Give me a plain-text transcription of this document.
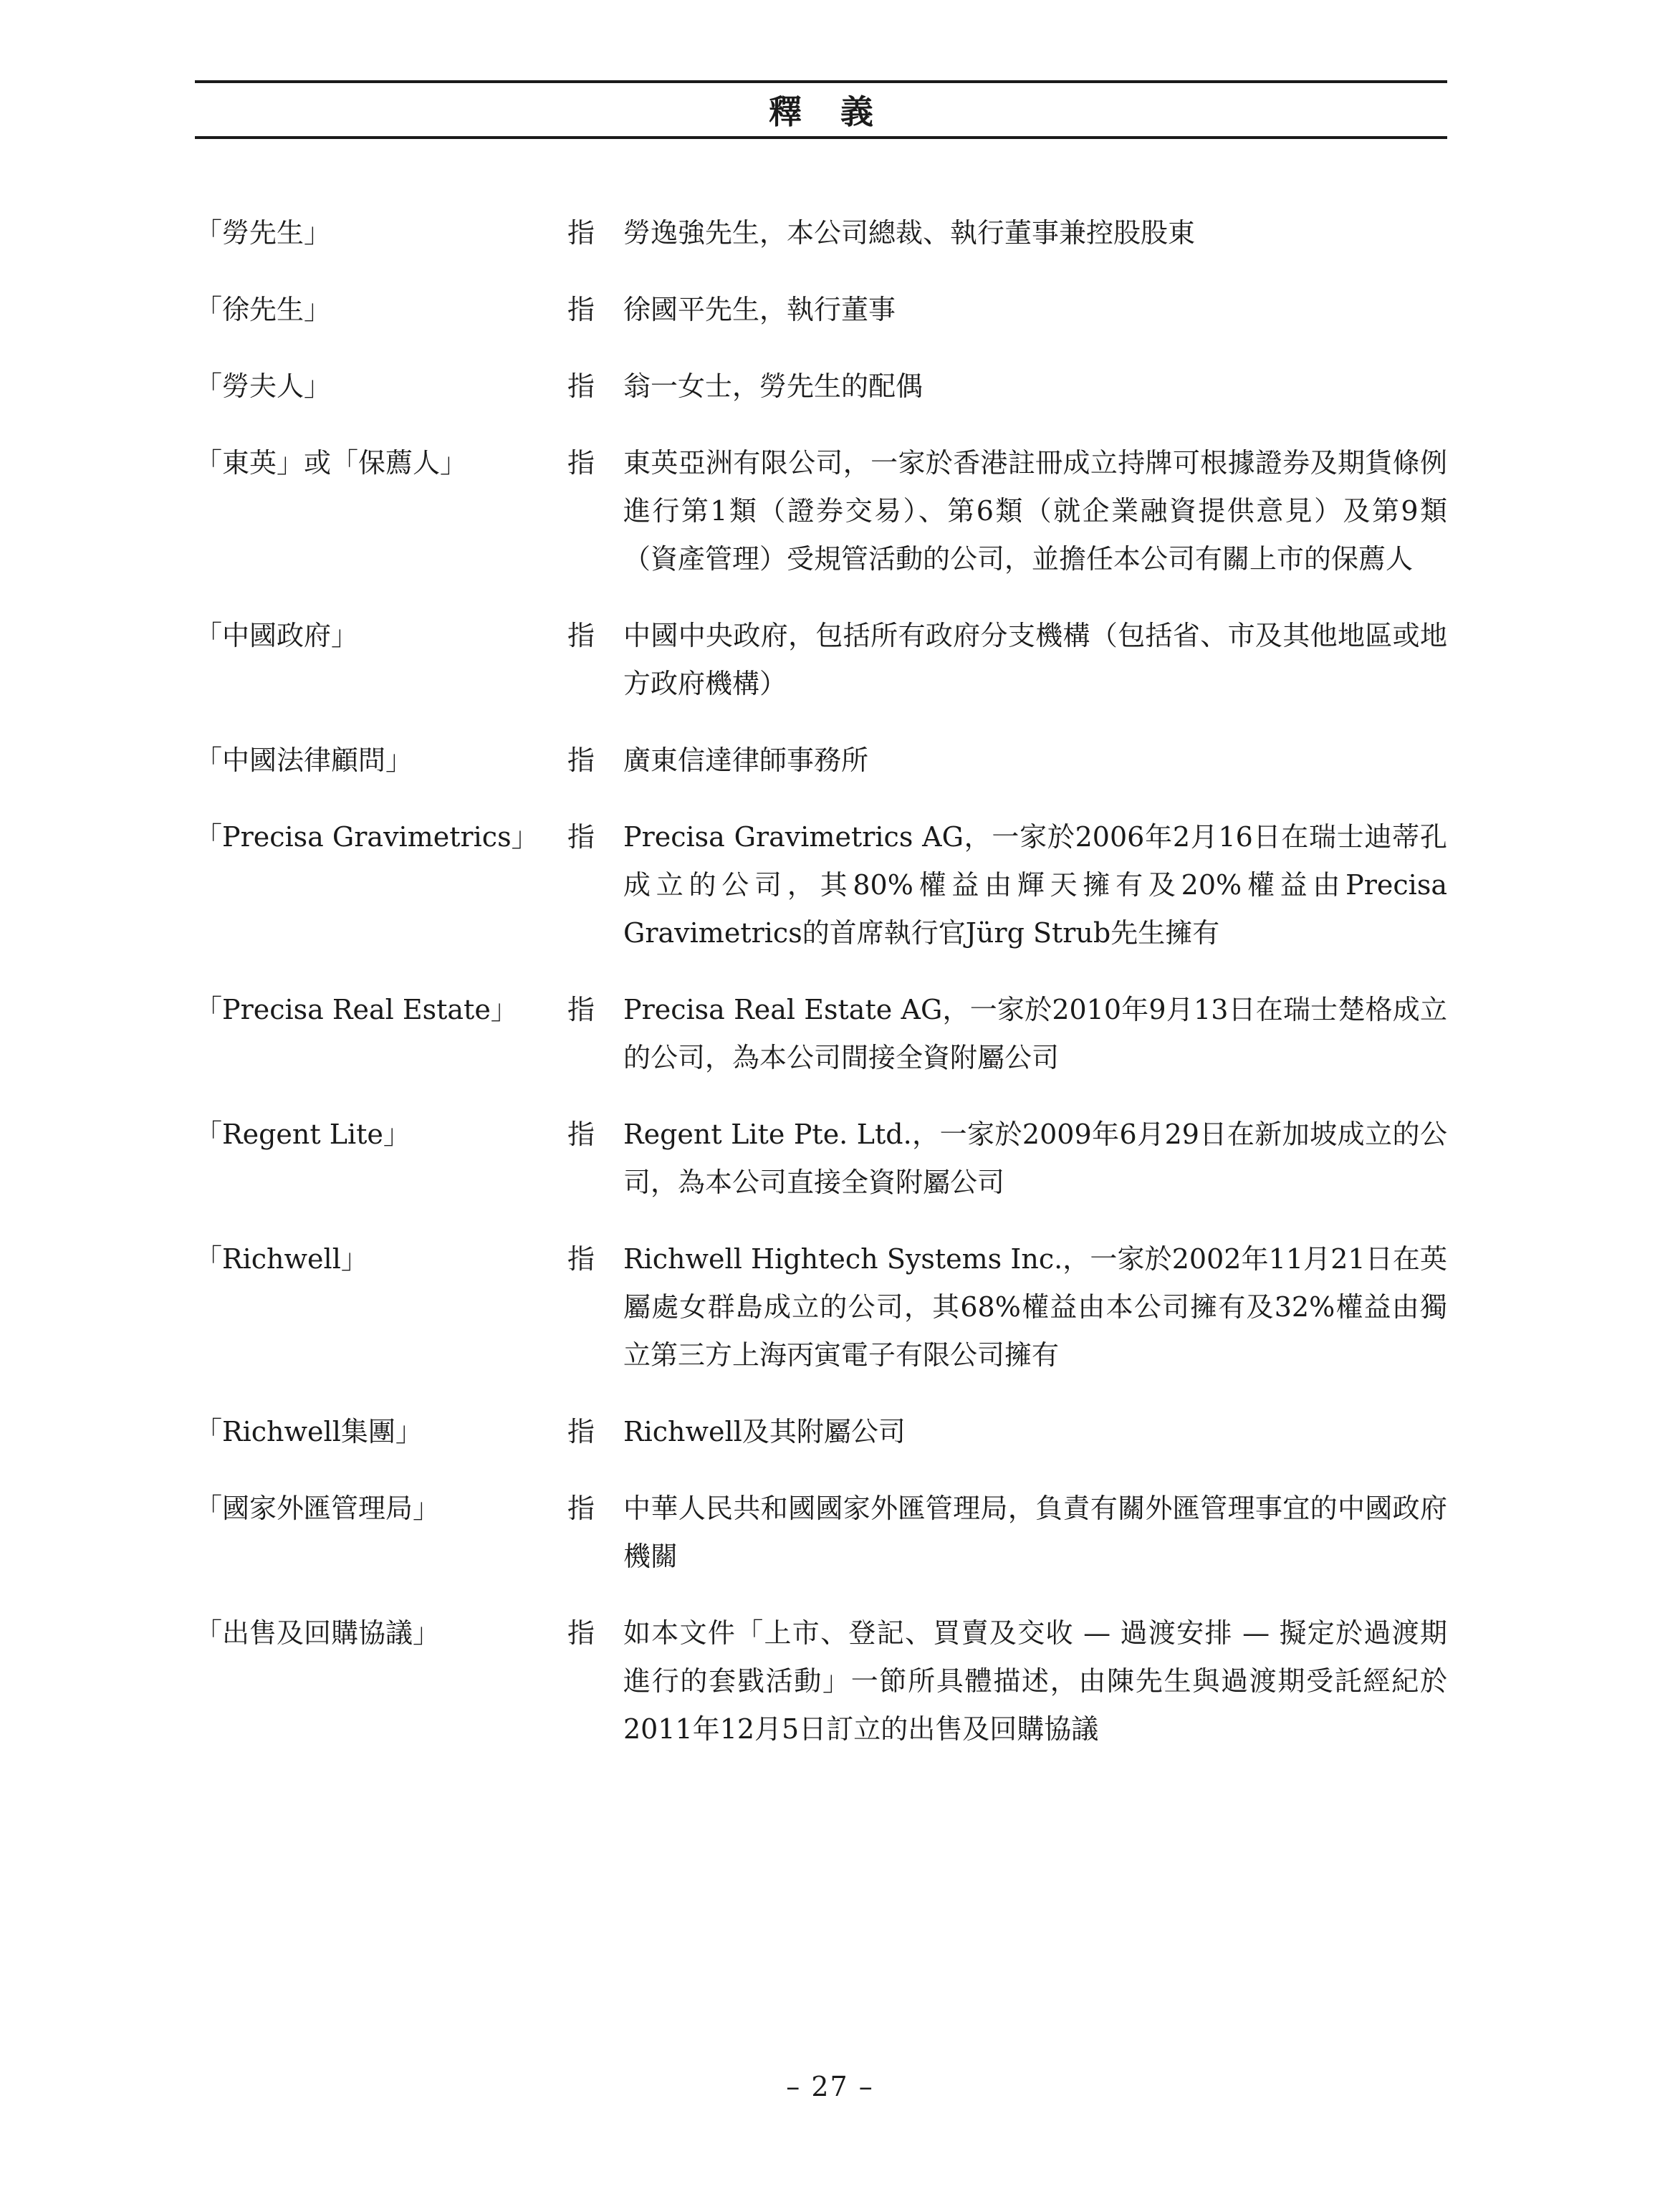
釋義
「勞先生」	指	勞逸強先生，本公司總裁、執行董事兼控股股東
「徐先生」	指	徐國平先生，執行董事
「勞夫人」	指	翁一女士，勞先生的配偶
「東英」或「保薦人」	指	東英亞洲有限公司，一家於香港註冊成立持牌可根據證券及期貨條例進行第1類（證券交易）、第6類（就企業融資提供意見）及第9類（資產管理）受規管活動的公司，並擔任本公司有關上市的保薦人
「中國政府」	指	中國中央政府，包括所有政府分支機構（包括省、市及其他地區或地方政府機構）
「中國法律顧問」	指	廣東信達律師事務所
「Precisa Gravimetrics」	指	Precisa Gravimetrics AG，一家於2006年2月16日在瑞士迪蒂孔成立的公司，其80%權益由輝天擁有及20%權益由Precisa Gravimetrics的首席執行官Jürg Strub先生擁有
「Precisa Real Estate」	指	Precisa Real Estate AG，一家於2010年9月13日在瑞士楚格成立的公司，為本公司間接全資附屬公司
「Regent Lite」	指	Regent Lite Pte. Ltd.，一家於2009年6月29日在新加坡成立的公司，為本公司直接全資附屬公司
「Richwell」	指	Richwell Hightech Systems Inc.，一家於2002年11月21日在英屬處女群島成立的公司，其68%權益由本公司擁有及32%權益由獨立第三方上海丙寅電子有限公司擁有
「Richwell集團」	指	Richwell及其附屬公司
「國家外匯管理局」	指	中華人民共和國國家外匯管理局，負責有關外匯管理事宜的中國政府機關
「出售及回購協議」	指	如本文件「上市、登記、買賣及交收 — 過渡安排 — 擬定於過渡期進行的套戥活動」一節所具體描述，由陳先生與過渡期受託經紀於2011年12月5日訂立的出售及回購協議
– 27 –
